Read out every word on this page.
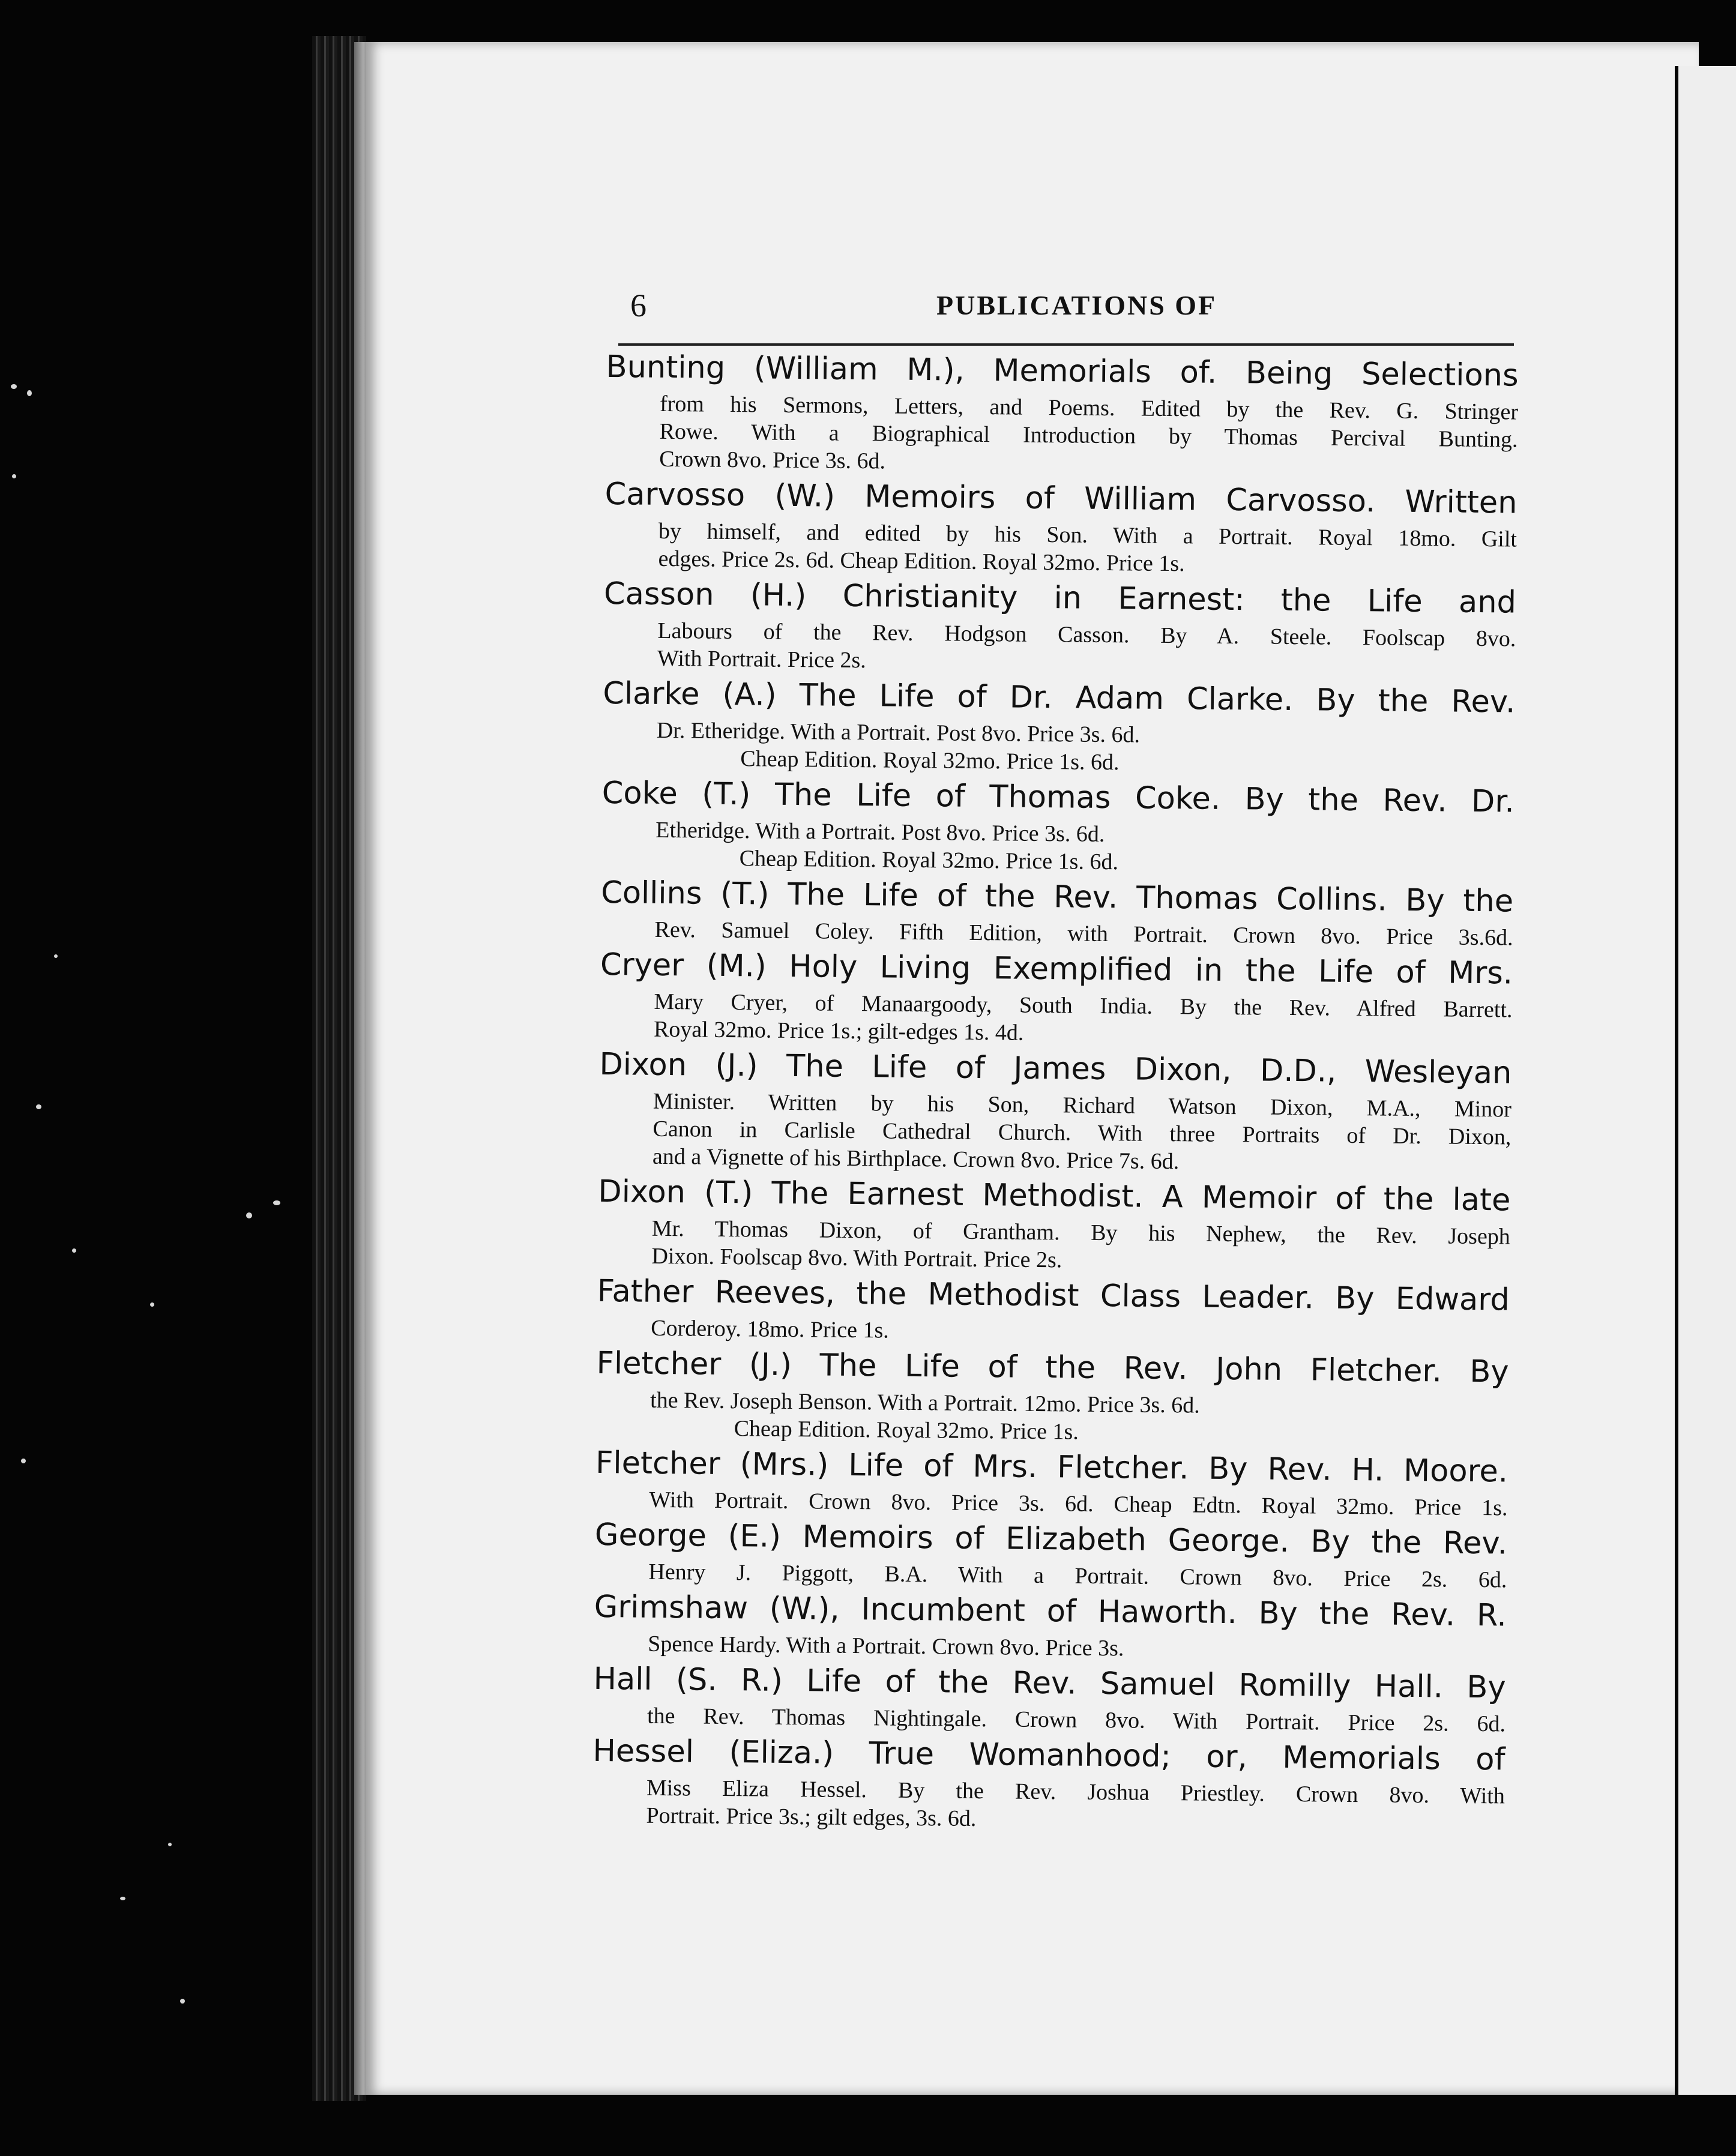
6	PUBLICATIONS OF

Bunting (William M.), Memorials of. Being Selections

from his Sermons, Letters, and Poems. Edited by the Rev. G. Stringer
Rowe. With a Biographical Introduction by Thomas Percival Bunting.
Crown 8vo. Price 3s. 6d.

Carvosso (W.) Memoirs of William Carvosso. Written

by himself, and edited by his Son. With a Portrait. Royal 18mo. Gilt
edges. Price 2s. 6d. Cheap Edition. Royal 32mo. Price 1s.

Casson (H.) Christianity in Earnest: the Life and

Labours of the Rev. Hodgson Casson. By A. Steele. Foolscap 8vo.
With Portrait. Price 2s.

Clarke (A.) The Life of Dr. Adam Clarke. By the Rev.

Dr. Etheridge. With a Portrait. Post 8vo. Price 3s. 6d.
Cheap Edition. Royal 32mo. Price 1s. 6d.

Coke (T.) The Life of Thomas Coke. By the Rev. Dr.

Etheridge. With a Portrait. Post 8vo. Price 3s. 6d.
Cheap Edition. Royal 32mo. Price 1s. 6d.

Collins (T.) The Life of the Rev. Thomas Collins. By the

Rev. Samuel Coley. Fifth Edition, with Portrait. Crown 8vo. Price 3s.6d.

Cryer (M.) Holy Living Exemplified in the Life of Mrs.

Mary Cryer, of Manaargoody, South India. By the Rev. Alfred Barrett.
Royal 32mo. Price 1s.; gilt-edges 1s. 4d.

Dixon (J.) The Life of James Dixon, D.D., Wesleyan

Minister. Written by his Son, Richard Watson Dixon, M.A., Minor
Canon in Carlisle Cathedral Church. With three Portraits of Dr. Dixon,
and a Vignette of his Birthplace. Crown 8vo. Price 7s. 6d.

Dixon (T.) The Earnest Methodist. A Memoir of the late

Mr. Thomas Dixon, of Grantham. By his Nephew, the Rev. Joseph
Dixon. Foolscap 8vo. With Portrait. Price 2s.

Father Reeves, the Methodist Class Leader. By Edward

Corderoy. 18mo. Price 1s.

Fletcher (J.) The Life of the Rev. John Fletcher. By

the Rev. Joseph Benson. With a Portrait. 12mo. Price 3s. 6d.
Cheap Edition. Royal 32mo. Price 1s.

Fletcher (Mrs.) Life of Mrs. Fletcher. By Rev. H. Moore.

With Portrait. Crown 8vo. Price 3s. 6d. Cheap Edtn. Royal 32mo. Price 1s.

George (E.) Memoirs of Elizabeth George. By the Rev.

Henry J. Piggott, B.A. With a Portrait. Crown 8vo. Price 2s. 6d.

Grimshaw (W.), Incumbent of Haworth. By the Rev. R.

Spence Hardy. With a Portrait. Crown 8vo. Price 3s.

Hall (S. R.) Life of the Rev. Samuel Romilly Hall. By

the Rev. Thomas Nightingale. Crown 8vo. With Portrait. Price 2s. 6d.

Hessel (Eliza.) True Womanhood; or, Memorials of

Miss Eliza Hessel. By the Rev. Joshua Priestley. Crown 8vo. With
Portrait. Price 3s.; gilt edges, 3s. 6d.
